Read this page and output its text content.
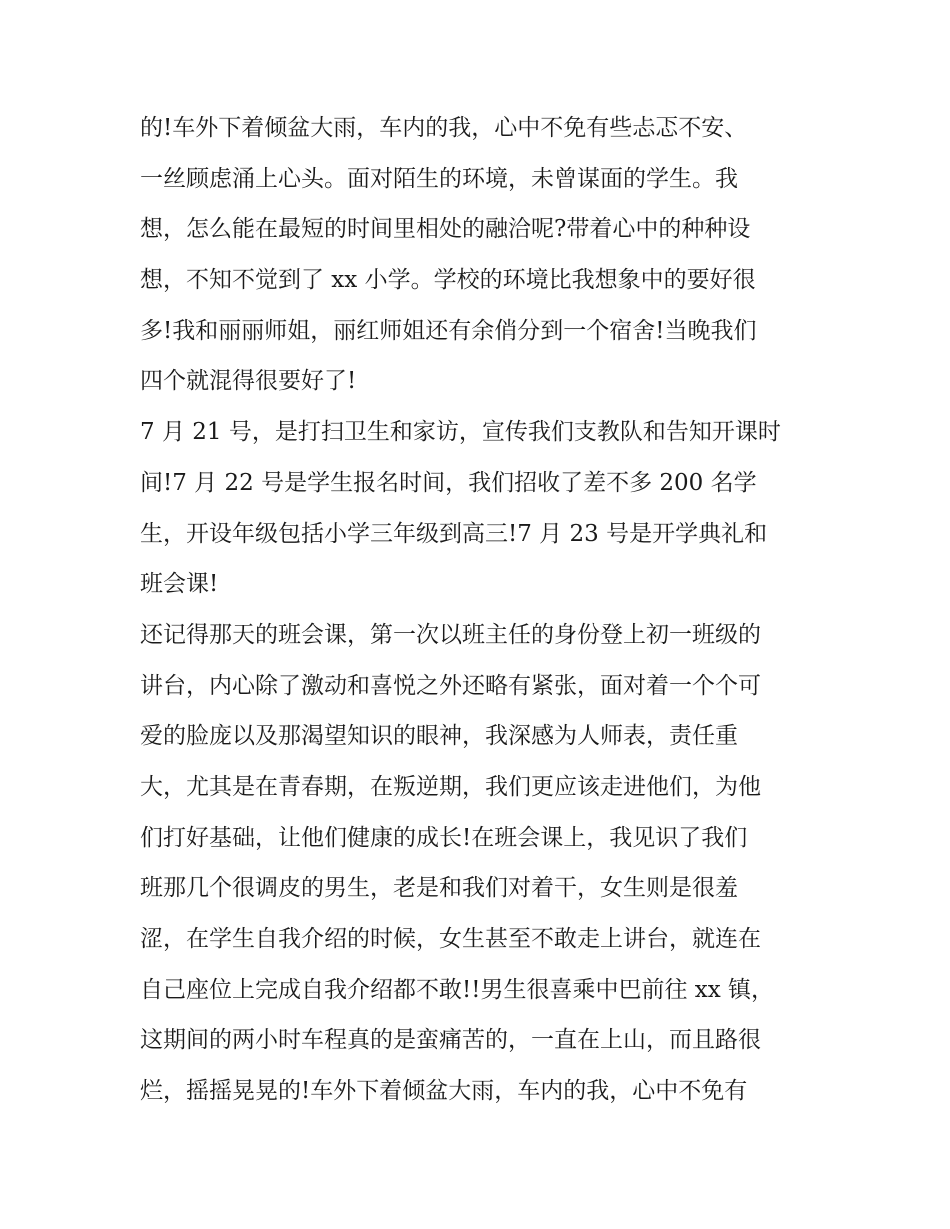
的!车外下着倾盆大雨，车内的我，心中不免有些忐忑不安、
一丝顾虑涌上心头。面对陌生的环境，未曾谋面的学生。我
想，怎么能在最短的时间里相处的融洽呢?带着心中的种种设
想，不知不觉到了 xx 小学。学校的环境比我想象中的要好很
多!我和丽丽师姐，丽红师姐还有余俏分到一个宿舍!当晚我们
四个就混得很要好了!
7 月 21 号，是打扫卫生和家访，宣传我们支教队和告知开课时
间!7 月 22 号是学生报名时间，我们招收了差不多 200 名学
生，开设年级包括小学三年级到高三!7 月 23 号是开学典礼和
班会课!
还记得那天的班会课，第一次以班主任的身份登上初一班级的
讲台，内心除了激动和喜悦之外还略有紧张，面对着一个个可
爱的脸庞以及那渴望知识的眼神，我深感为人师表，责任重
大，尤其是在青春期，在叛逆期，我们更应该走进他们，为他
们打好基础，让他们健康的成长!在班会课上，我见识了我们
班那几个很调皮的男生，老是和我们对着干，女生则是很羞
涩，在学生自我介绍的时候，女生甚至不敢走上讲台，就连在
自己座位上完成自我介绍都不敢!!男生很喜乘中巴前往 xx 镇，
这期间的两小时车程真的是蛮痛苦的，一直在上山，而且路很
烂，摇摇晃晃的!车外下着倾盆大雨，车内的我，心中不免有
